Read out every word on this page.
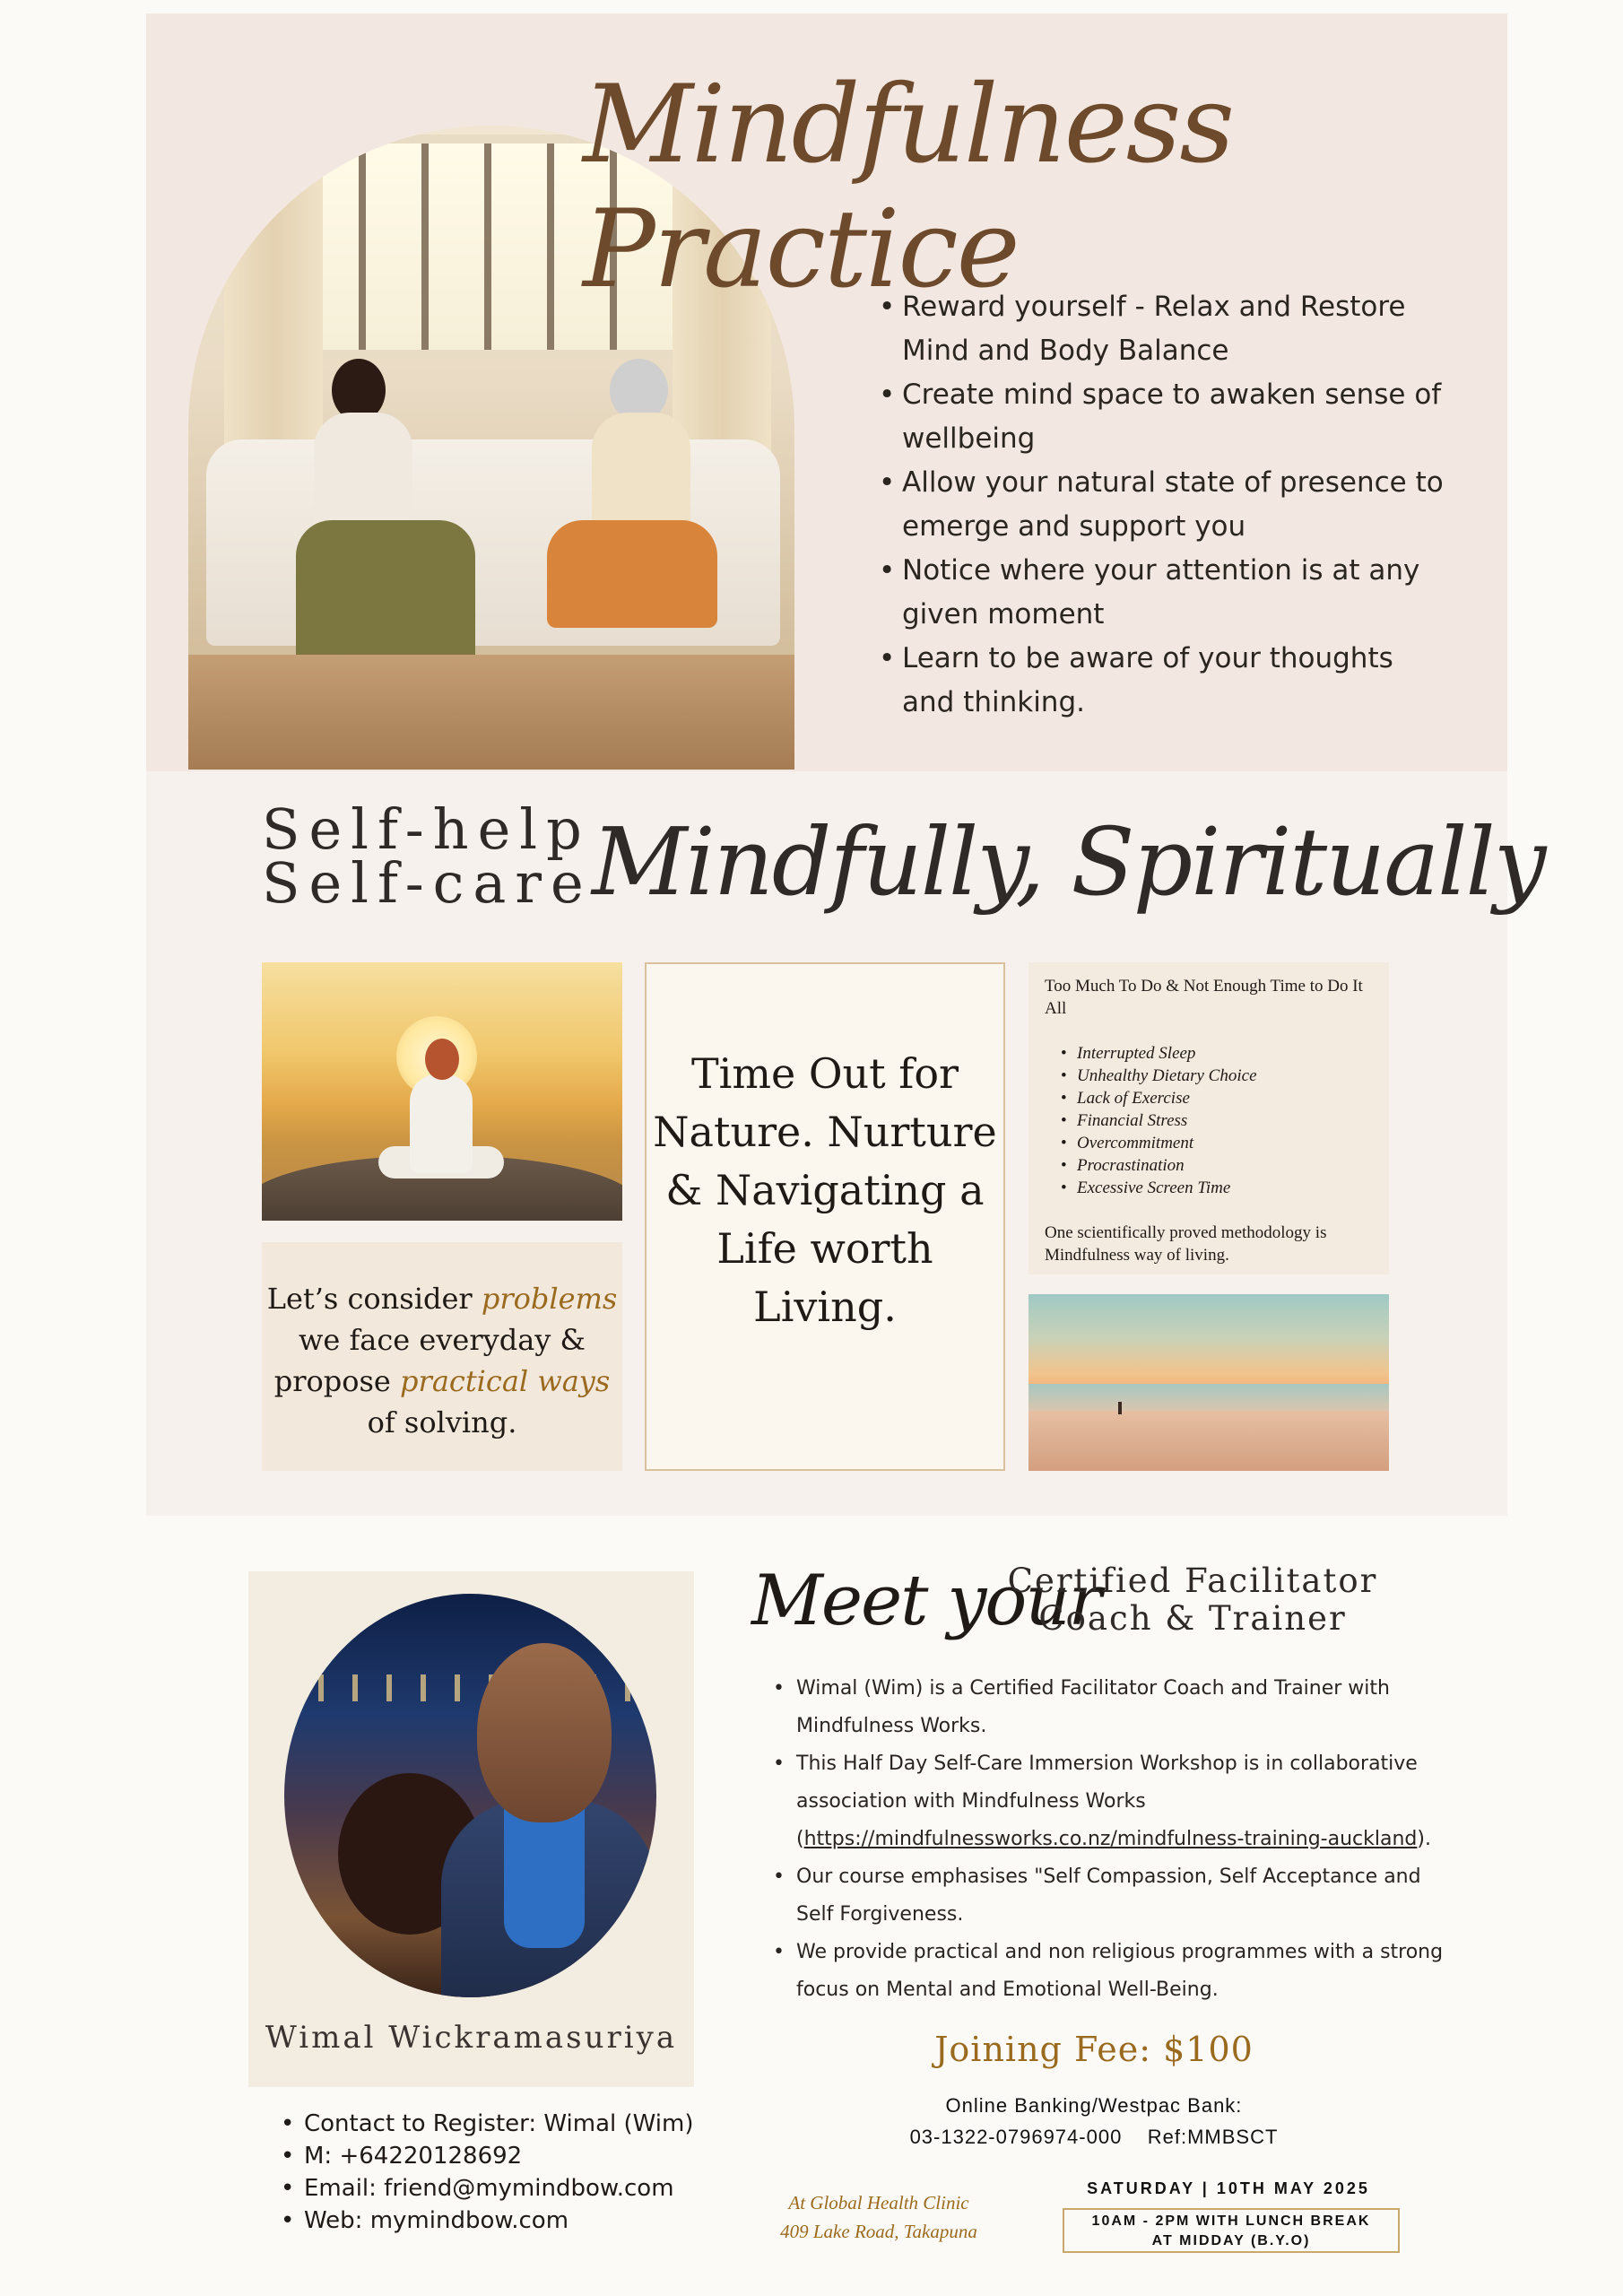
Mindfulness Practice
• Reward yourself - Relax and Restore Mind and Body Balance
• Create mind space to awaken sense of wellbeing
• Allow your natural state of presence to emerge and support you
• Notice where your attention is at any given moment
• Learn to be aware of your thoughts and thinking.
Self-help
Self-care Mindfully, Spiritually
Let’s consider problems we face everyday & propose practical ways of solving.
Time Out for Nature. Nurture & Navigating a Life worth Living.
Too Much To Do & Not Enough Time to Do It All
• Interrupted Sleep
• Unhealthy Dietary Choice
• Lack of Exercise
• Financial Stress
• Overcommitment
• Procrastination
• Excessive Screen Time
One scientifically proved methodology is Mindfulness way of living.
Wimal Wickramasuriya
• Contact to Register: Wimal (Wim)
• M: +64220128692
• Email: friend@mymindbow.com
• Web: mymindbow.com
Meet your
Certified Facilitator
Coach & Trainer
• Wimal (Wim) is a Certified Facilitator Coach and Trainer with Mindfulness Works.
• This Half Day Self-Care Immersion Workshop is in collaborative association with Mindfulness Works (https://mindfulnessworks.co.nz/mindfulness-training-auckland).
• Our course emphasises "Self Compassion, Self Acceptance and Self Forgiveness.
• We provide practical and non religious programmes with a strong focus on Mental and Emotional Well-Being.
Joining Fee: $100
Online Banking/Westpac Bank:
03-1322-0796974-000    Ref:MMBSCT
At Global Health Clinic
409 Lake Road, Takapuna
SATURDAY | 10TH MAY 2025
10AM - 2PM WITH LUNCH BREAK
AT MIDDAY (B.Y.O)
